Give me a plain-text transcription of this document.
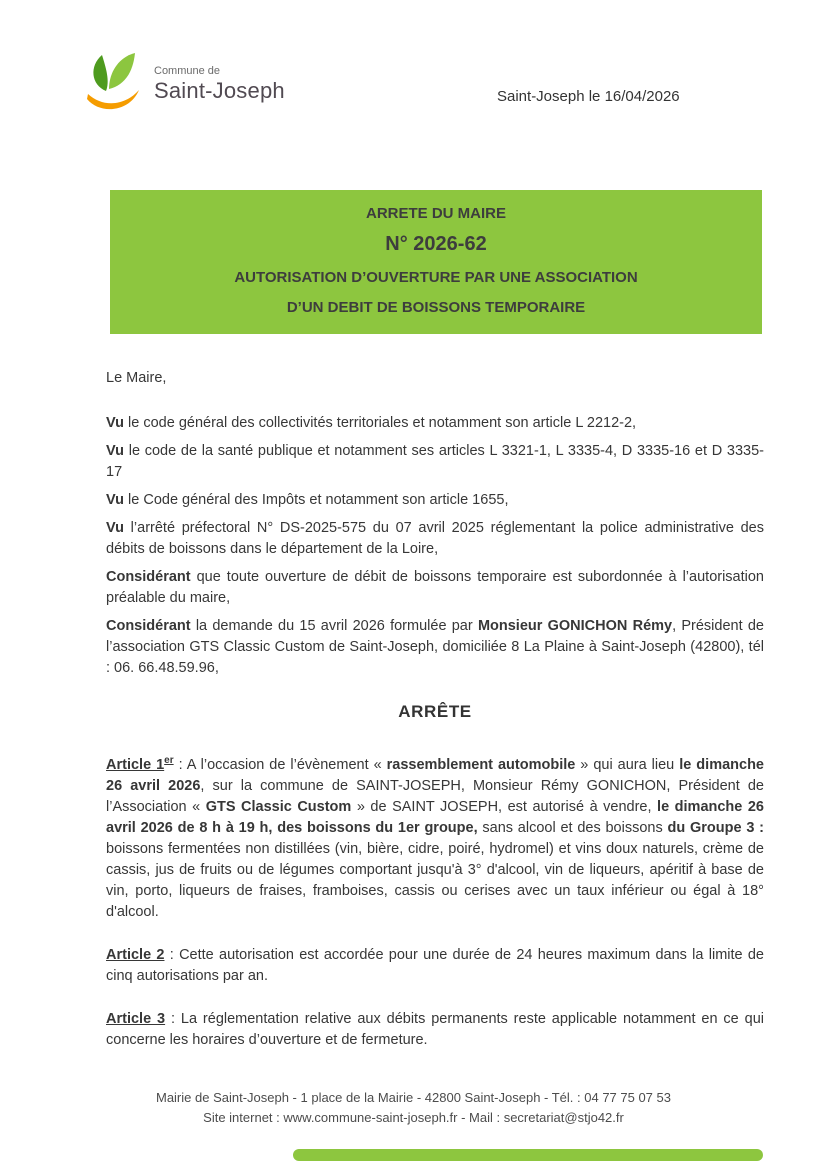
Commune de
Saint-Joseph	Saint-Joseph le 16/04/2026
ARRETE DU MAIRE
N° 2026-62
AUTORISATION D’OUVERTURE PAR UNE ASSOCIATION
D’UN DEBIT DE BOISSONS TEMPORAIRE

Le Maire,

Vu le code général des collectivités territoriales et notamment son article L 2212-2,

Vu le code de la santé publique et notamment ses articles L 3321-1, L 3335-4, D 3335-16 et D 3335-17

Vu le Code général des Impôts et notamment son article 1655,

Vu l’arrêté préfectoral N° DS-2025-575 du 07 avril 2025 réglementant la police administrative des débits de boissons dans le département de la Loire,

Considérant que toute ouverture de débit de boissons temporaire est subordonnée à l’autorisation préalable du maire,

Considérant la demande du 15 avril 2026 formulée par Monsieur GONICHON Rémy, Président de l’association GTS Classic Custom de Saint-Joseph, domiciliée 8 La Plaine à Saint-Joseph (42800), tél : 06. 66.48.59.96,

ARRÊTE

Article 1er : A l’occasion de l’évènement « rassemblement automobile » qui aura lieu le dimanche 26 avril 2026, sur la commune de SAINT-JOSEPH, Monsieur Rémy GONICHON, Président de l’Association « GTS Classic Custom » de SAINT JOSEPH, est autorisé à vendre, le dimanche 26 avril 2026 de 8 h à 19 h, des boissons du 1er groupe, sans alcool et des boissons du Groupe 3 : boissons fermentées non distillées (vin, bière, cidre, poiré, hydromel) et vins doux naturels, crème de cassis, jus de fruits ou de légumes comportant jusqu'à 3° d'alcool, vin de liqueurs, apéritif à base de vin, porto, liqueurs de fraises, framboises, cassis ou cerises avec un taux inférieur ou égal à 18° d'alcool.

Article 2 : Cette autorisation est accordée pour une durée de 24 heures maximum dans la limite de cinq autorisations par an.

Article 3 : La réglementation relative aux débits permanents reste applicable notamment en ce qui concerne les horaires d’ouverture et de fermeture.

Mairie de Saint-Joseph - 1 place de la Mairie - 42800 Saint-Joseph - Tél. : 04 77 75 07 53
Site internet : www.commune-saint-joseph.fr - Mail : secretariat@stjo42.fr
